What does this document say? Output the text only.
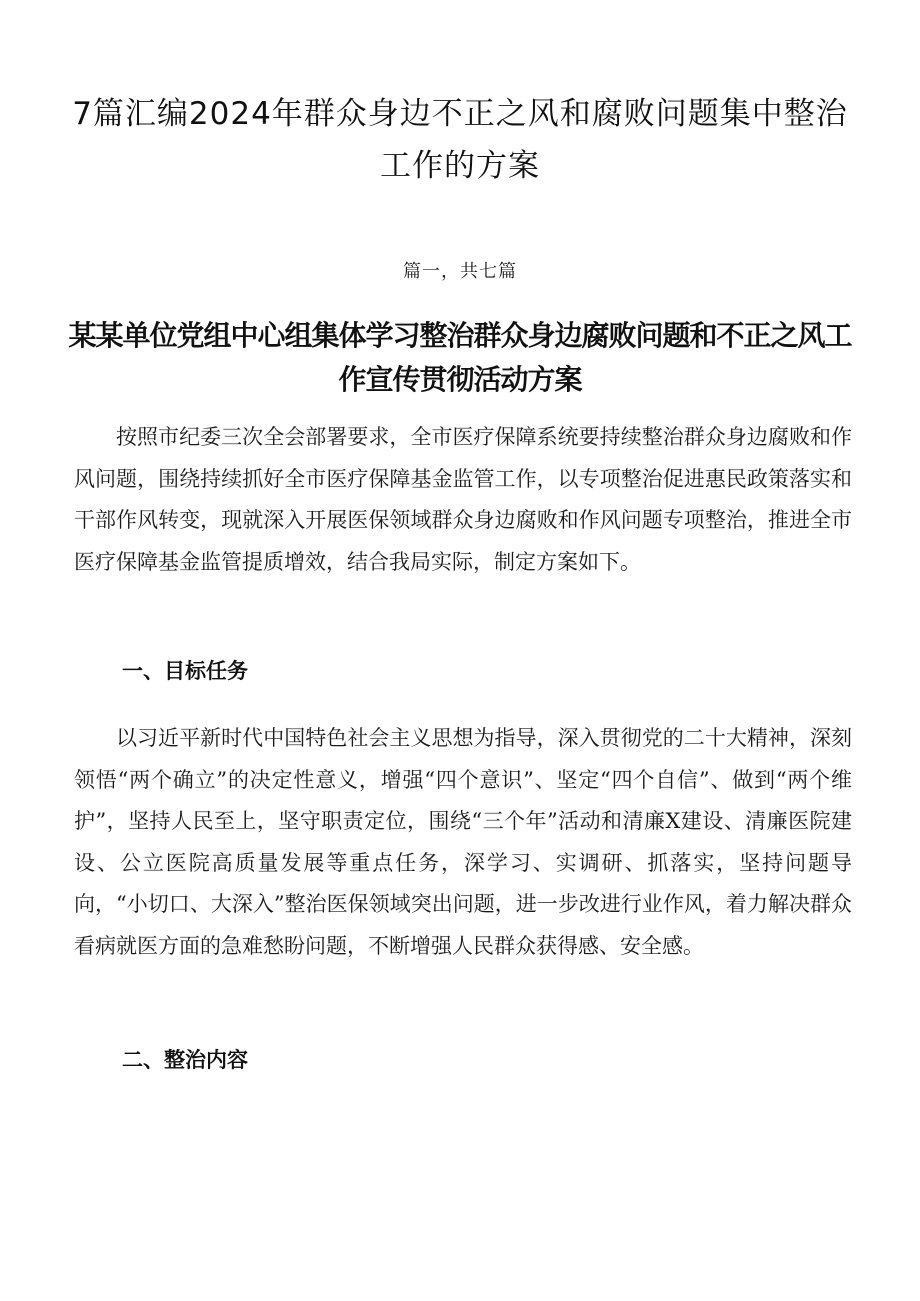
7篇汇编2024年群众身边不正之风和腐败问题集中整治工作的方案
篇一，共七篇
某某单位党组中心组集体学习整治群众身边腐败问题和不正之风工作宣传贯彻活动方案

按照市纪委三次全会部署要求，全市医疗保障系统要持续整治群众身边腐败和作风问题，围绕持续抓好全市医疗保障基金监管工作，以专项整治促进惠民政策落实和干部作风转变，现就深入开展医保领域群众身边腐败和作风问题专项整治，推进全市医疗保障基金监管提质增效，结合我局实际，制定方案如下。

一、目标任务

以习近平新时代中国特色社会主义思想为指导，深入贯彻党的二十大精神，深刻领悟“两个确立”的决定性意义，增强“四个意识”、坚定“四个自信”、做到“两个维护”，坚持人民至上，坚守职责定位，围绕“三个年”活动和清廉X建设、清廉医院建设、公立医院高质量发展等重点任务，深学习、实调研、抓落实，坚持问题导向，“小切口、大深入”整治医保领域突出问题，进一步改进行业作风，着力解决群众看病就医方面的急难愁盼问题，不断增强人民群众获得感、安全感。

二、整治内容
